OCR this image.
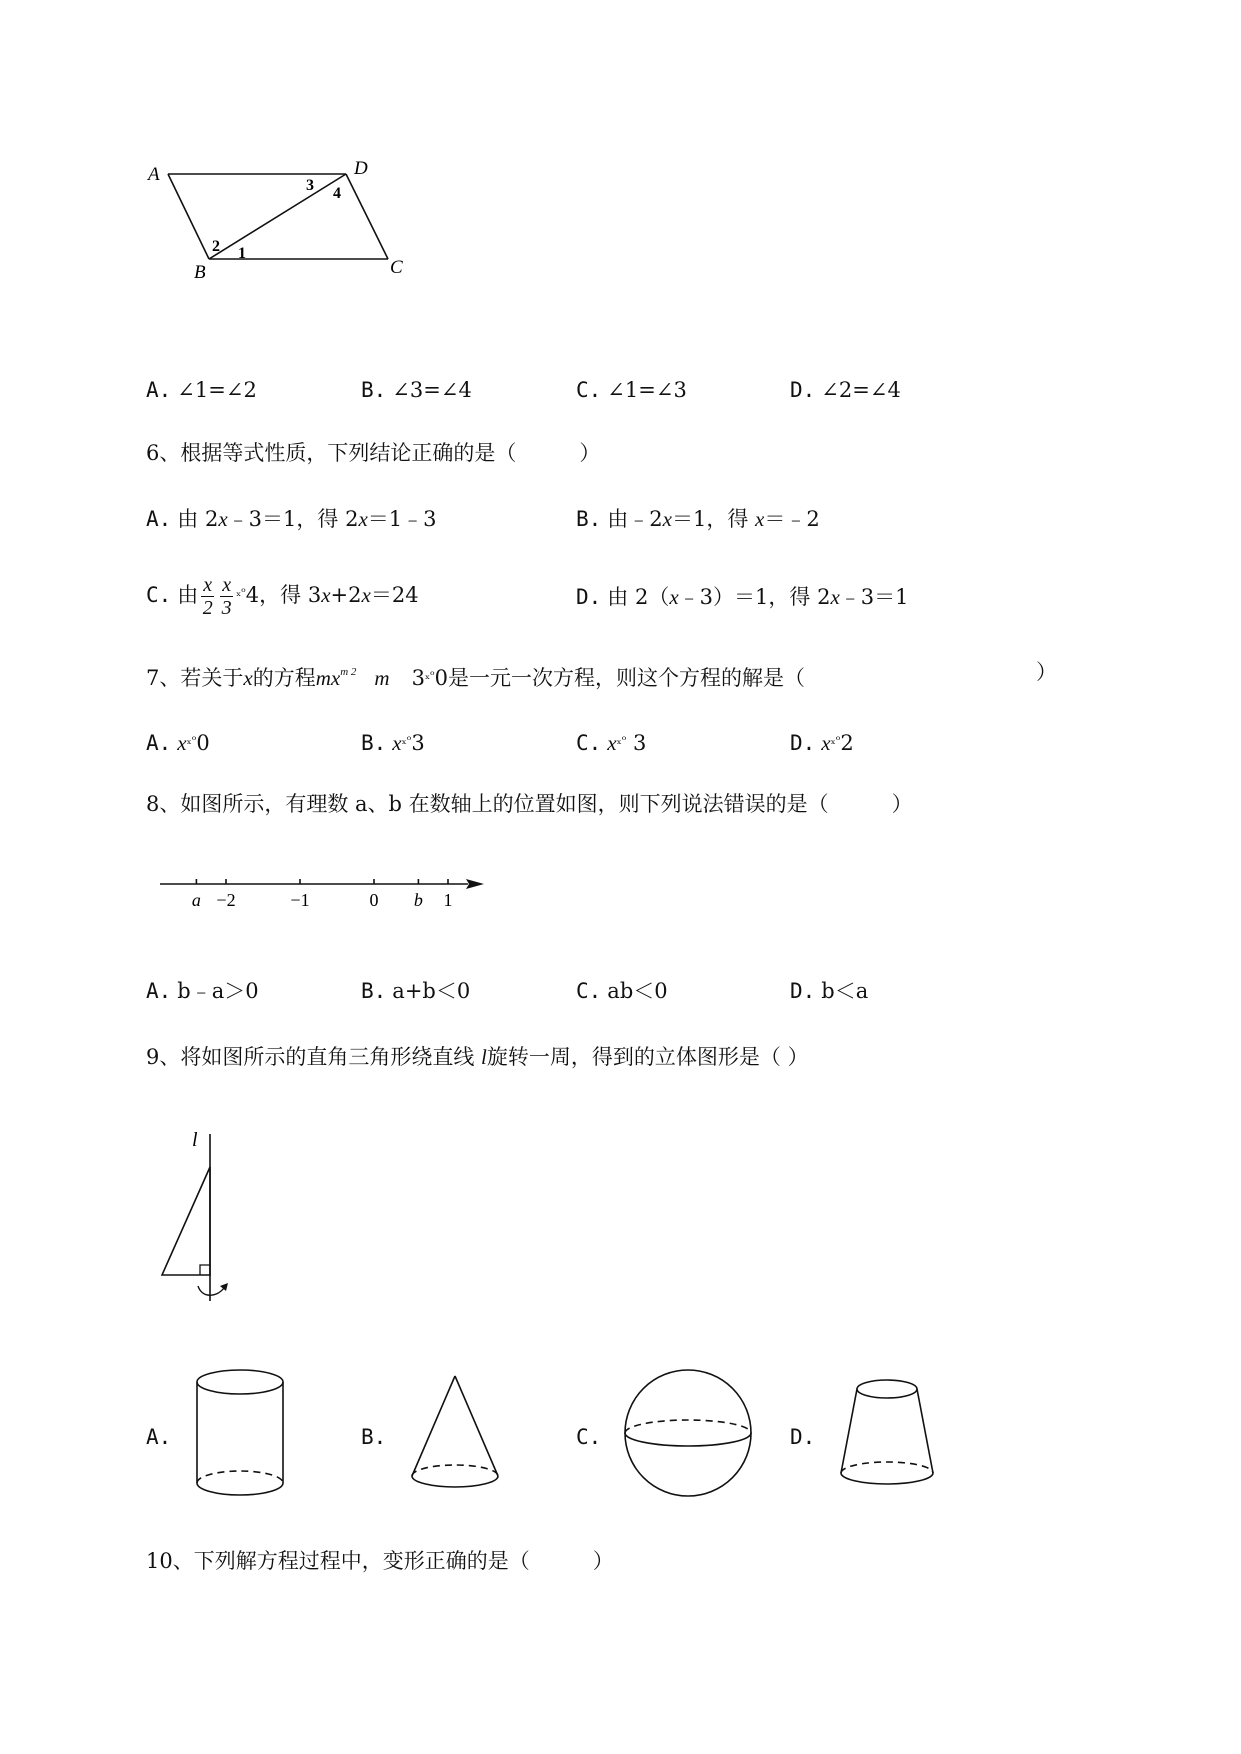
A	D
B	C
1
2
3 4
A. ∠1=∠2	B. ∠3=∠4	C. ∠1=∠3	D. ∠2=∠4
6、根据等式性质，下列结论正确的是（　　　）
A. 由 2x﹣3＝1，得 2x＝1﹣3	B. 由﹣2x＝1，得 x＝﹣2
C. 由 $\frac{x}{2} \frac{x}{3} ^{_xᵒ}4$，得 3x+2x＝24	D. 由 2（x﹣3）＝1，得 2x﹣3＝1
7、若关于x的方程$mx^{m 2}$ m $3^{_xᵒ}0$是一元一次方程，则这个方程的解是（	）
A. $x^{_xᵒ}0$	B. $x^{_xᵒ}3$	C. $x^{_xᵒ}$ 3	D. $x^{_xᵒ}2$
8、如图所示，有理数 a、b 在数轴上的位置如图，则下列说法错误的是（　　　）
a −2	−1	0 b 1
A. b﹣a＞0	B. a+b＜0	C. ab＜0	D. b＜a
9、将如图所示的直角三角形绕直线 l旋转一周，得到的立体图形是（ ）
l
A.	B.	C.	D.
10、下列解方程过程中，变形正确的是（　　　）
